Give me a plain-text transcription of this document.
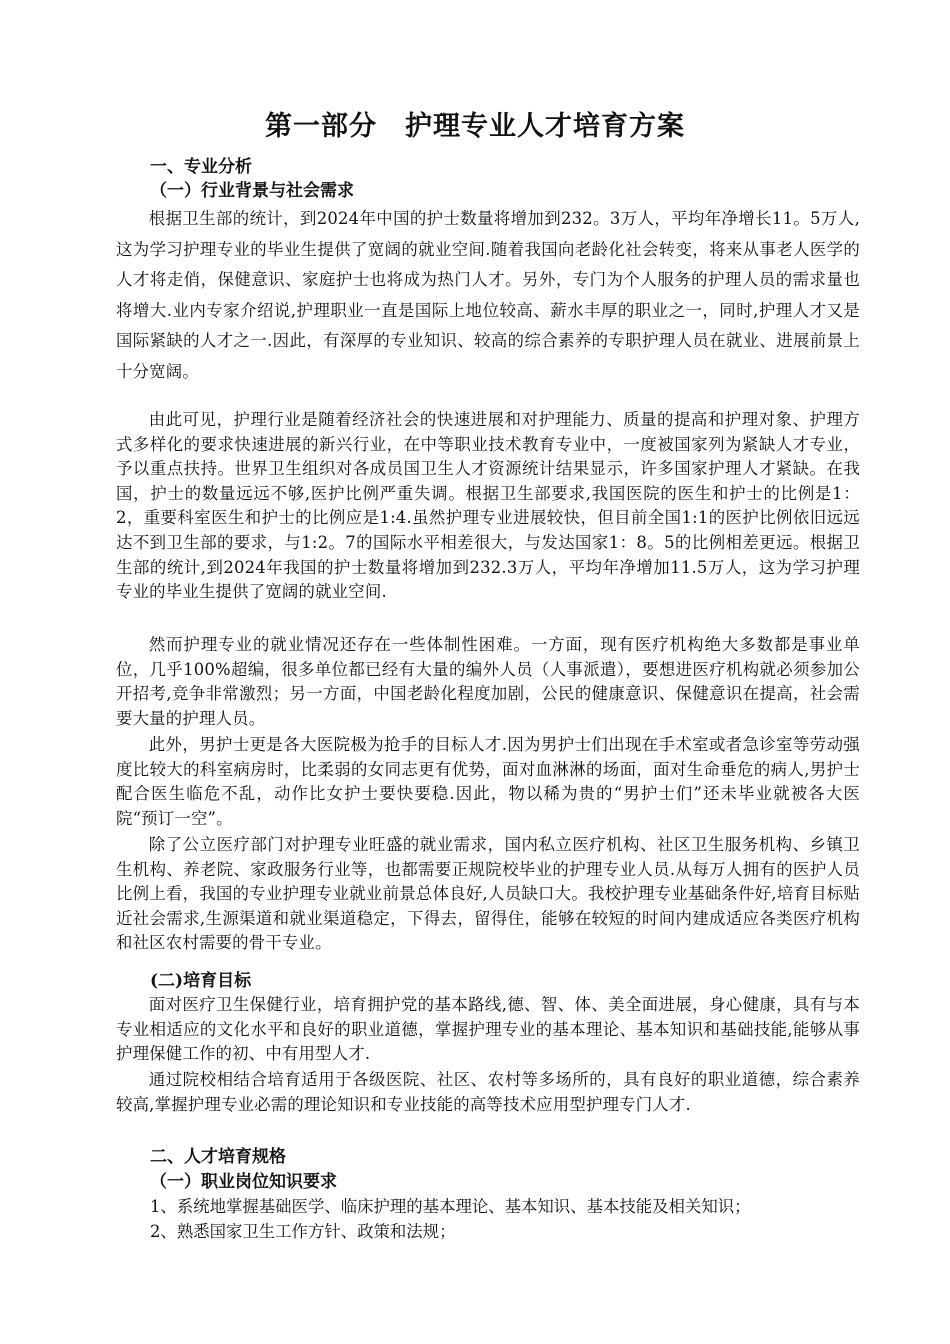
第一部分　护理专业人才培育方案
一、专业分析
（一）行业背景与社会需求
根据卫生部的统计，到2024年中国的护士数量将增加到232。3万人，平均年净增长11。5万人,这为学习护理专业的毕业生提供了宽阔的就业空间.随着我国向老龄化社会转变，将来从事老人医学的人才将走俏，保健意识、家庭护士也将成为热门人才。另外，专门为个人服务的护理人员的需求量也将增大.业内专家介绍说,护理职业一直是国际上地位较高、薪水丰厚的职业之一，同时,护理人才又是国际紧缺的人才之一.因此，有深厚的专业知识、较高的综合素养的专职护理人员在就业、进展前景上十分宽阔。
由此可见，护理行业是随着经济社会的快速进展和对护理能力、质量的提高和护理对象、护理方式多样化的要求快速进展的新兴行业，在中等职业技术教育专业中，一度被国家列为紧缺人才专业，予以重点扶持。世界卫生组织对各成员国卫生人才资源统计结果显示，许多国家护理人才紧缺。在我国，护士的数量远远不够,医护比例严重失调。根据卫生部要求,我国医院的医生和护士的比例是1：2，重要科室医生和护士的比例应是1:4.虽然护理专业进展较快，但目前全国1:1的医护比例依旧远远达不到卫生部的要求，与1:2。7的国际水平相差很大，与发达国家1：8。5的比例相差更远。根据卫生部的统计,到2024年我国的护士数量将增加到232.3万人，平均年净增加11.5万人，这为学习护理专业的毕业生提供了宽阔的就业空间.
然而护理专业的就业情况还存在一些体制性困难。一方面，现有医疗机构绝大多数都是事业单位，几乎100%超编，很多单位都已经有大量的编外人员（人事派遣），要想进医疗机构就必须参加公开招考,竞争非常激烈；另一方面，中国老龄化程度加剧，公民的健康意识、保健意识在提高，社会需要大量的护理人员。
此外，男护士更是各大医院极为抢手的目标人才.因为男护士们出现在手术室或者急诊室等劳动强度比较大的科室病房时，比柔弱的女同志更有优势，面对血淋淋的场面，面对生命垂危的病人,男护士配合医生临危不乱，动作比女护士要快要稳.因此，物以稀为贵的“男护士们”还未毕业就被各大医院“预订一空”。
除了公立医疗部门对护理专业旺盛的就业需求，国内私立医疗机构、社区卫生服务机构、乡镇卫生机构、养老院、家政服务行业等，也都需要正规院校毕业的护理专业人员.从每万人拥有的医护人员比例上看，我国的专业护理专业就业前景总体良好,人员缺口大。我校护理专业基础条件好,培育目标贴近社会需求,生源渠道和就业渠道稳定，下得去，留得住，能够在较短的时间内建成适应各类医疗机构和社区农村需要的骨干专业。
(二)培育目标
面对医疗卫生保健行业，培育拥护党的基本路线,德、智、体、美全面进展，身心健康，具有与本专业相适应的文化水平和良好的职业道德，掌握护理专业的基本理论、基本知识和基础技能,能够从事护理保健工作的初、中有用型人才.
通过院校相结合培育适用于各级医院、社区、农村等多场所的，具有良好的职业道德，综合素养较高,掌握护理专业必需的理论知识和专业技能的高等技术应用型护理专门人才.
二、人才培育规格
（一）职业岗位知识要求
1、系统地掌握基础医学、临床护理的基本理论、基本知识、基本技能及相关知识；
2、熟悉国家卫生工作方针、政策和法规；
